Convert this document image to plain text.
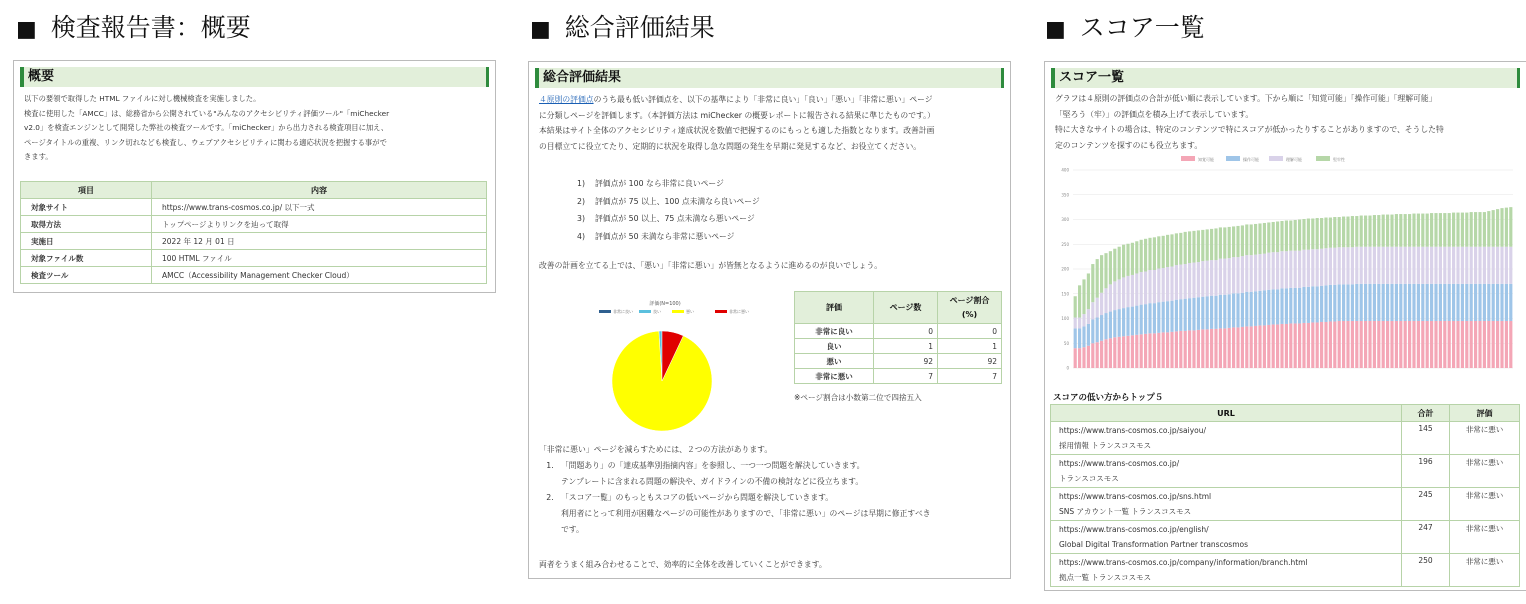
■ 検査報告書：概要	■ 総合評価結果	■ スコア一覧
概要
以下の要領で取得した HTML ファイルに対し機械検査を実施しました。
検査に使用した「AMCC」は、総務省から公開されている"みんなのアクセシビリティ評価ツール"「miChecker
v2.0」を検査エンジンとして開発した弊社の検査ツールです。「miChecker」から出力される検査項目に加え、
ページタイトルの重複、リンク切れなども検査し、ウェブアクセシビリティに関わる適応状況を把握する事がで
きます。
項目	内容
対象サイト	https://www.trans-cosmos.co.jp/ 以下一式
取得方法	トップページよりリンクを辿って取得
実施日	2022 年 12 月 01 日
対象ファイル数	100 HTML ファイル
検査ツール	AMCC（Accessibility Management Checker Cloud）
総合評価結果
４原則の評価点のうち最も低い評価点を、以下の基準により「非常に良い」「良い」「悪い」「非常に悪い」ページ
に分類しページを評価します。（本評価方法は miChecker の概要レポートに報告される結果に準じたものです。）
本結果はサイト全体のアクセシビリティ達成状況を数値で把握するのにもっとも適した指数となります。改善計画
の目標立てに役立てたり、定期的に状況を取得し急な問題の発生を早期に発見するなど、お役立てください。
1) 評価点が 100 なら非常に良いページ
2) 評価点が 75 以上、100 点未満なら良いページ
3) 評価点が 50 以上、75 点未満なら悪いページ
4) 評価点が 50 未満なら非常に悪いページ
改善の計画を立てる上では、「悪い」「非常に悪い」が皆無となるように進めるのが良いでしょう。
評価(N=100)
非常に良い	良い	悪い	非常に悪い	評価	ページ数	ページ割合(%)
非常に良い	0	0
良い	1	1
悪い	92	92
非常に悪い	7	7
※ページ割合は小数第二位で四捨五入
「非常に悪い」ページを減らすためには、２つの方法があります。
1. 「問題あり」の「達成基準別指摘内容」を参照し、一つ一つ問題を解決していきます。
テンプレートに含まれる問題の解決や、ガイドラインの不備の検討などに役立ちます。
2. 「スコア一覧」のもっともスコアの低いページから問題を解決していきます。
利用者にとって利用が困難なページの可能性がありますので、「非常に悪い」のページは早期に修正すべき
です。
両者をうまく組み合わせることで、効率的に全体を改善していくことができます。
スコア一覧
グラフは４原則の評価点の合計が低い順に表示しています。下から順に「知覚可能」「操作可能」「理解可能」
「堅ろう（牢）」の評価点を積み上げて表示しています。
特に大きなサイトの場合は、特定のコンテンツで特にスコアが低かったりすることがありますので、そうした特
定のコンテンツを探すのにも役立ちます。
知覚可能	操作可能	理解可能	堅牢性
400
350
300
250
200
150
100
50
0
スコアの低い方からトップ５
URL	合計	評価

https://www.trans-cosmos.co.jp/saiyou/
採用情報 トランスコスモス	145	非常に悪い

https://www.trans-cosmos.co.jp/
トランスコスモス	196	非常に悪い

https://www.trans-cosmos.co.jp/sns.html
SNS アカウント一覧 トランスコスモス	245	非常に悪い

https://www.trans-cosmos.co.jp/english/
Global Digital Transformation Partner transcosmos	247	非常に悪い

https://www.trans-cosmos.co.jp/company/information/branch.html
拠点一覧 トランスコスモス	250	非常に悪い
